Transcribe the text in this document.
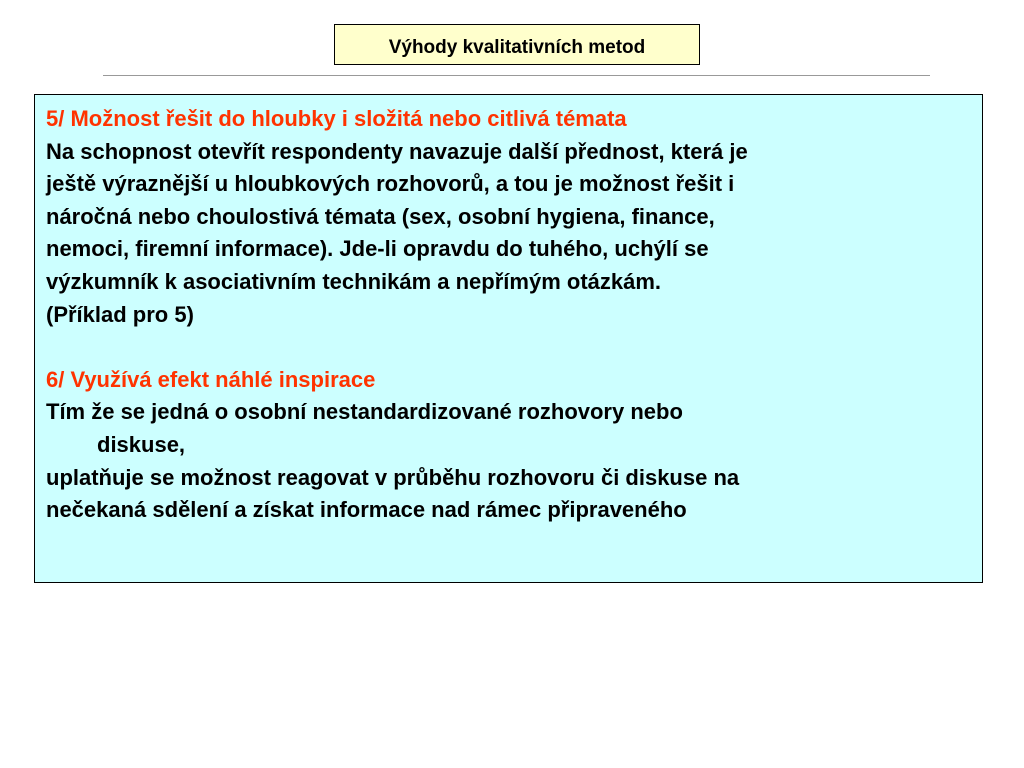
Výhody kvalitativních metod
5/ Možnost řešit do hloubky i složitá nebo citlivá témata
Na schopnost otevřít respondenty navazuje další přednost, která je
ještě výraznější u hloubkových rozhovorů, a tou je možnost řešit i
náročná nebo choulostivá témata (sex, osobní hygiena, finance,
nemoci, firemní informace). Jde-li opravdu do tuhého, uchýlí se
výzkumník k asociativním technikám a nepřímým otázkám.
(Příklad pro 5)
6/ Využívá efekt náhlé inspirace
Tím že se jedná o osobní nestandardizované rozhovory nebo
diskuse,
uplatňuje se možnost reagovat v průběhu rozhovoru či diskuse na
nečekaná sdělení a získat informace nad rámec připraveného
